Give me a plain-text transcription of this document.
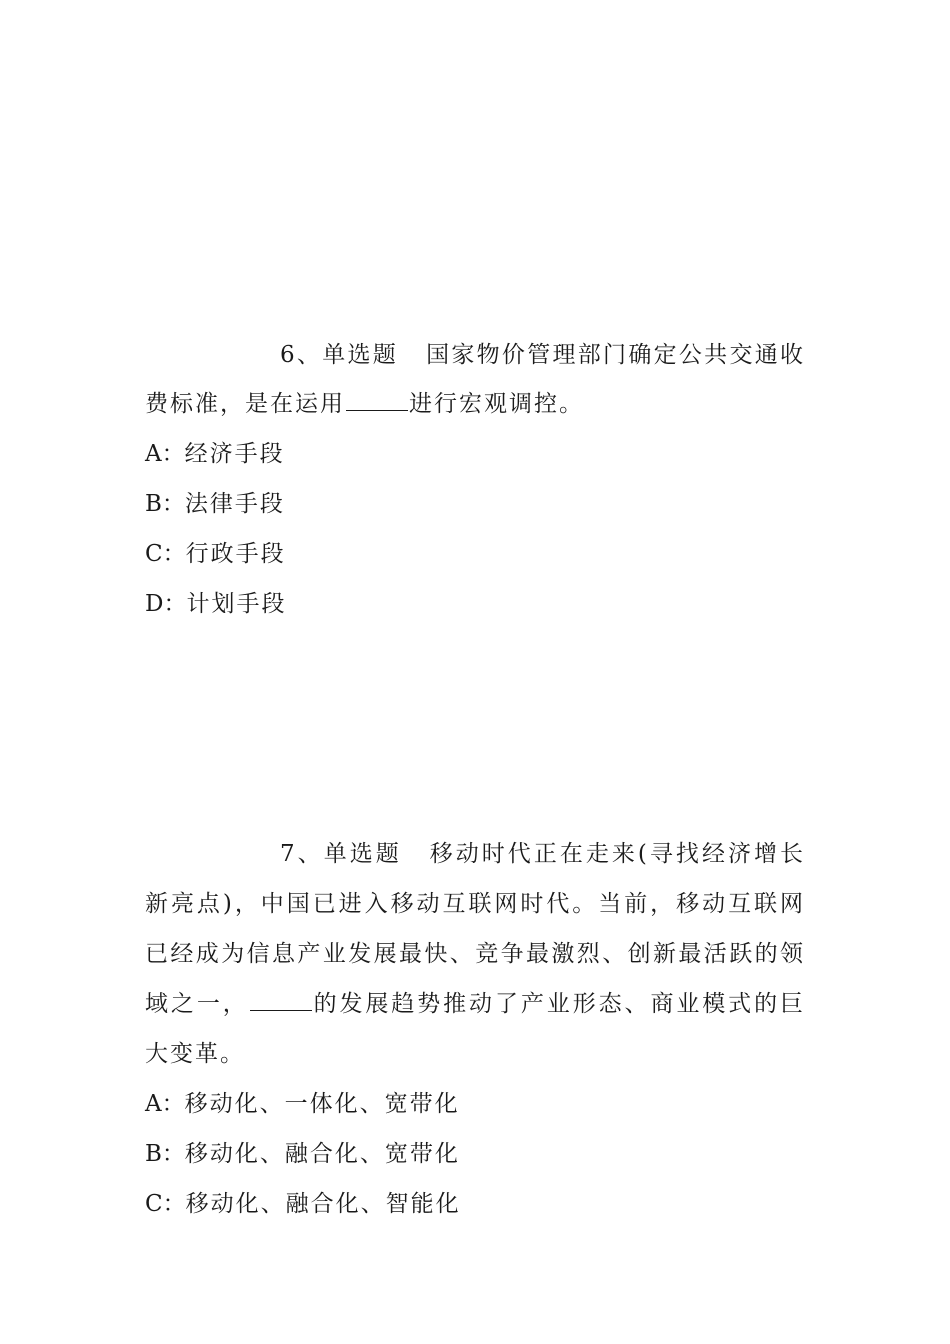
6、单选题 国家物价管理部门确定公共交通收费标准，是在运用	进行宏观调控。

A：经济手段
B：法律手段
C：行政手段
D：计划手段

7、单选题 移动时代正在走来(寻找经济增长新亮点)，中国已进入移动互联网时代。当前，移动互联网已经成为信息产业发展最快、竞争最激烈、创新最活跃的领域之一，	的发展趋势推动了产业形态、商业模式的巨大变革。

A：移动化、一体化、宽带化
B：移动化、融合化、宽带化
C：移动化、融合化、智能化
